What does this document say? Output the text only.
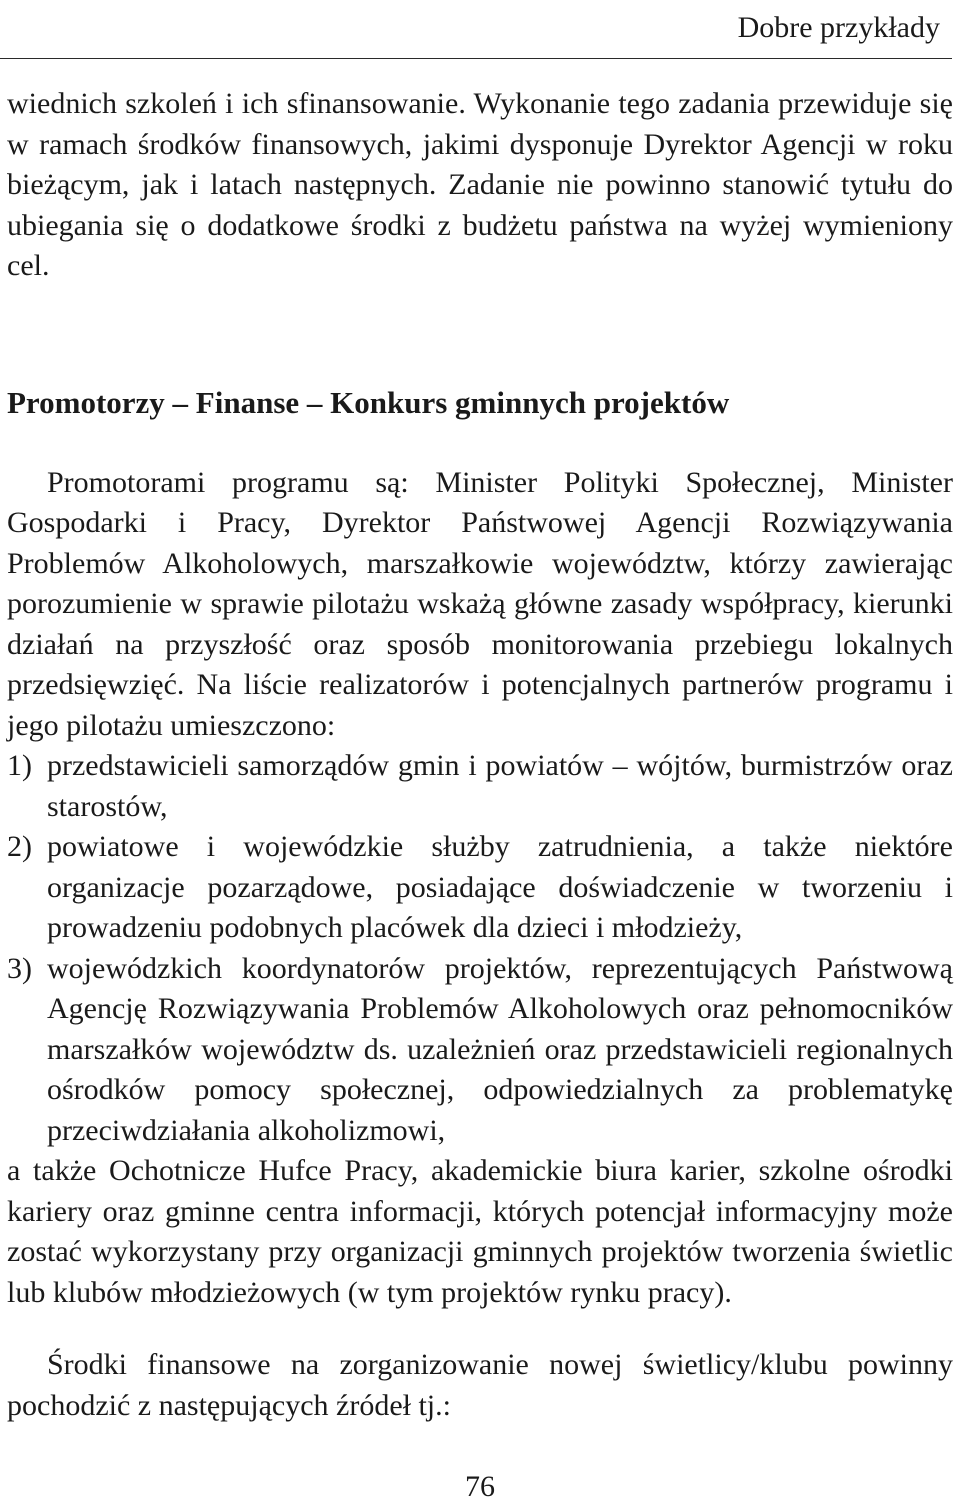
Dobre przykłady

wiednich szkoleń i ich sfinansowanie. Wykonanie tego zadania przewiduje się w ramach środków finansowych, jakimi dysponuje Dyrektor Agencji w roku bieżącym, jak i latach następnych. Zadanie nie powinno stanowić tytułu do ubiegania się o dodatkowe środki z budżetu państwa na wyżej wymieniony cel.

Promotorzy – Finanse – Konkurs gminnych projektów

Promotorami programu są: Minister Polityki Społecznej, Minister Gospodarki i Pracy, Dyrektor Państwowej Agencji Rozwiązywania Problemów Alkoholowych, marszałkowie województw, którzy zawierając porozumienie w sprawie pilotażu wskażą główne zasady współpracy, kierunki działań na przyszłość oraz sposób monitorowania przebiegu lokalnych przedsięwzięć. Na liście realizatorów i potencjalnych partnerów programu i jego pilotażu umieszczono:

1) przedstawicieli samorządów gmin i powiatów – wójtów, burmistrzów oraz starostów,
2) powiatowe i wojewódzkie służby zatrudnienia, a także niektóre organizacje pozarządowe, posiadające doświadczenie w tworzeniu i prowadzeniu podobnych placówek dla dzieci i młodzieży,
3) wojewódzkich koordynatorów projektów, reprezentujących Państwową Agencję Rozwiązywania Problemów Alkoholowych oraz pełnomocników marszałków województw ds. uzależnień oraz przedstawicieli regionalnych ośrodków pomocy społecznej, odpowiedzialnych za problematykę przeciwdziałania alkoholizmowi,

a także Ochotnicze Hufce Pracy, akademickie biura karier, szkolne ośrodki kariery oraz gminne centra informacji, których potencjał informacyjny może zostać wykorzystany przy organizacji gminnych projektów tworzenia świetlic lub klubów młodzieżowych (w tym projektów rynku pracy).

Środki finansowe na zorganizowanie nowej świetlicy/klubu powinny pochodzić z następujących źródeł tj.:

76
